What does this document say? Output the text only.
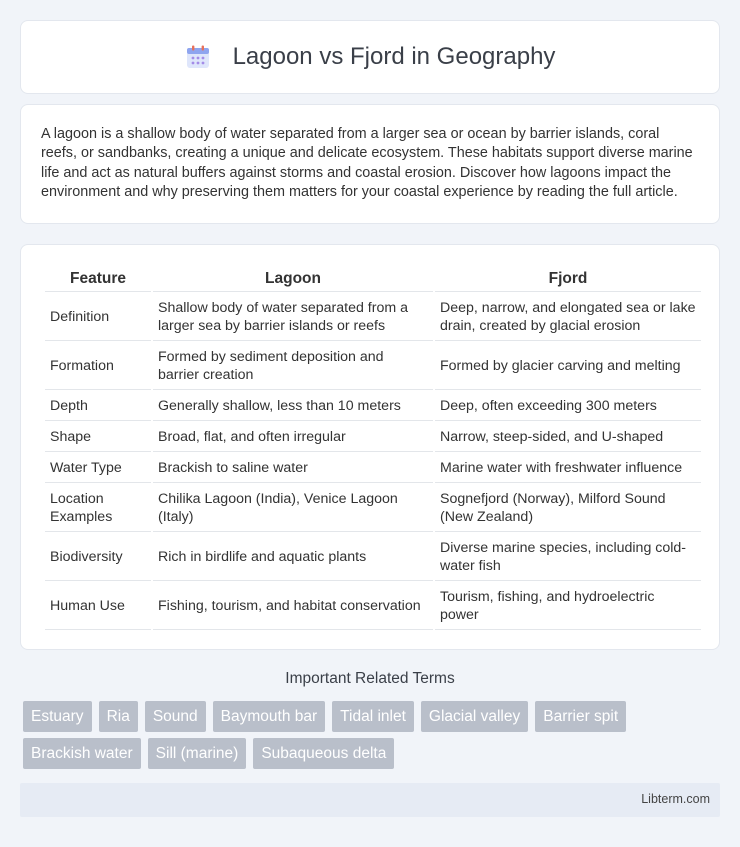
Lagoon vs Fjord in Geography

A lagoon is a shallow body of water separated from a larger sea or ocean by barrier islands, coral reefs, or sandbanks, creating a unique and delicate ecosystem. These habitats support diverse marine life and act as natural buffers against storms and coastal erosion. Discover how lagoons impact the environment and why preserving them matters for your coastal experience by reading the full article.

Feature	Lagoon	Fjord
Definition	Shallow body of water separated from a larger sea by barrier islands or reefs	Deep, narrow, and elongated sea or lake drain, created by glacial erosion
Formation	Formed by sediment deposition and barrier creation	Formed by glacier carving and melting
Depth	Generally shallow, less than 10 meters	Deep, often exceeding 300 meters
Shape	Broad, flat, and often irregular	Narrow, steep-sided, and U-shaped
Water Type	Brackish to saline water	Marine water with freshwater influence
Location Examples	Chilika Lagoon (India), Venice Lagoon (Italy)	Sognefjord (Norway), Milford Sound (New Zealand)
Biodiversity	Rich in birdlife and aquatic plants	Diverse marine species, including cold-water fish
Human Use	Fishing, tourism, and habitat conservation	Tourism, fishing, and hydroelectric power
Important Related Terms
Estuary	Ria	Sound	Baymouth bar	Tidal inlet	Glacial valley	Barrier spit
Brackish water	Sill (marine)	Subaqueous delta
Libterm.com
